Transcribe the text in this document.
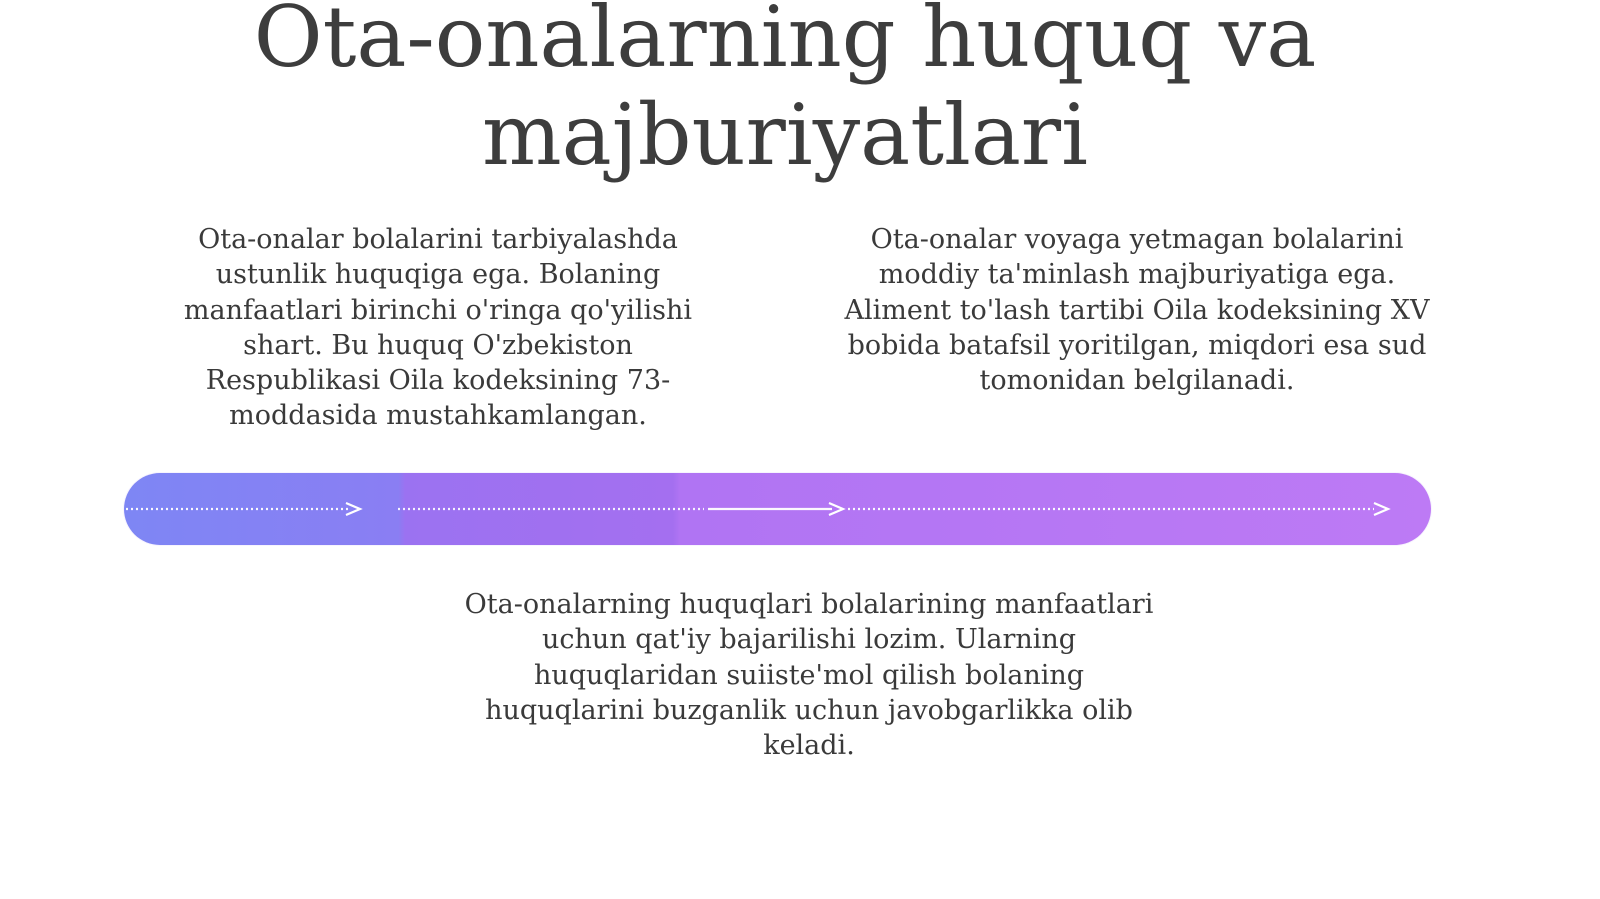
Ota-onalarning huquq va majburiyatlari

Ota-onalar bolalarini tarbiyalashda ustunlik huquqiga ega. Bolaning manfaatlari birinchi o'ringa qo'yilishi shart. Bu huquq O'zbekiston Respublikasi Oila kodeksining 73-moddasida mustahkamlangan.

Ota-onalar voyaga yetmagan bolalarini moddiy ta'minlash majburiyatiga ega. Aliment to'lash tartibi Oila kodeksining XV bobida batafsil yoritilgan, miqdori esa sud tomonidan belgilanadi.

Ota-onalarning huquqlari bolalarining manfaatlari uchun qat'iy bajarilishi lozim. Ularning huquqlaridan suiiste'mol qilish bolaning huquqlarini buzganlik uchun javobgarlikka olib keladi.
